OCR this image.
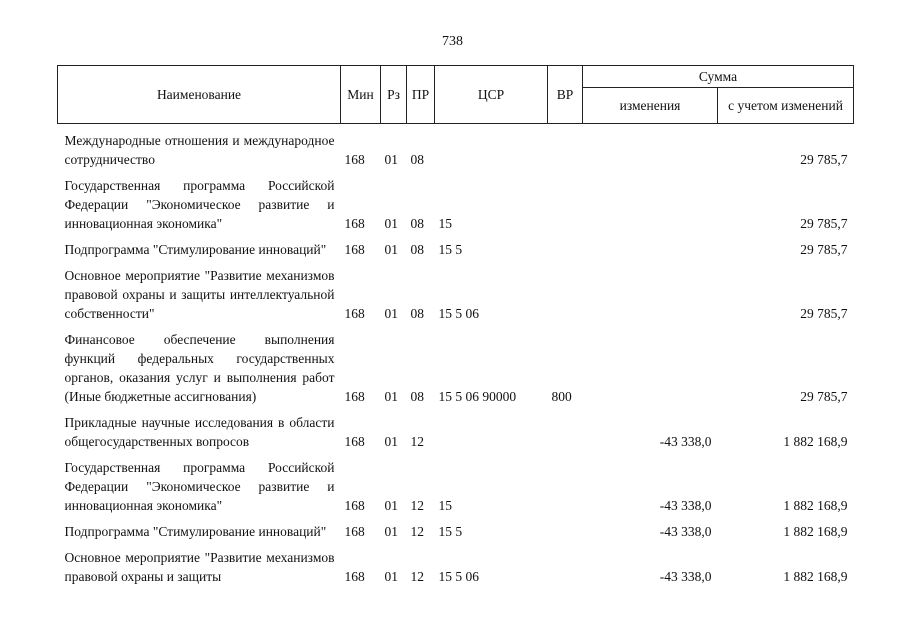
738
Наименование	Мин	Рз	ПР	ЦСР	ВР	Сумма	
						изменения	с учетом изменений
Международные отношения и международное сотрудничество	168	01	08				29 785,7
Государственная программа Российской Федерации "Экономическое развитие и инновационная экономика"	168	01	08	15			29 785,7
Подпрограмма "Стимулирование инноваций"	168	01	08	15 5			29 785,7
Основное мероприятие "Развитие механизмов правовой охраны и защиты интеллектуальной собственности"	168	01	08	15 5 06			29 785,7
Финансовое обеспечение выполнения функций федеральных государственных органов, оказания услуг и выполнения работ (Иные бюджетные ассигнования)	168	01	08	15 5 06 90000	800		29 785,7
Прикладные научные исследования в области общегосударственных вопросов	168	01	12			-43 338,0	1 882 168,9
Государственная программа Российской Федерации "Экономическое развитие и инновационная экономика"	168	01	12	15		-43 338,0	1 882 168,9
Подпрограмма "Стимулирование инноваций"	168	01	12	15 5		-43 338,0	1 882 168,9
Основное мероприятие "Развитие механизмов правовой охраны и защиты	168	01	12	15 5 06		-43 338,0	1 882 168,9
